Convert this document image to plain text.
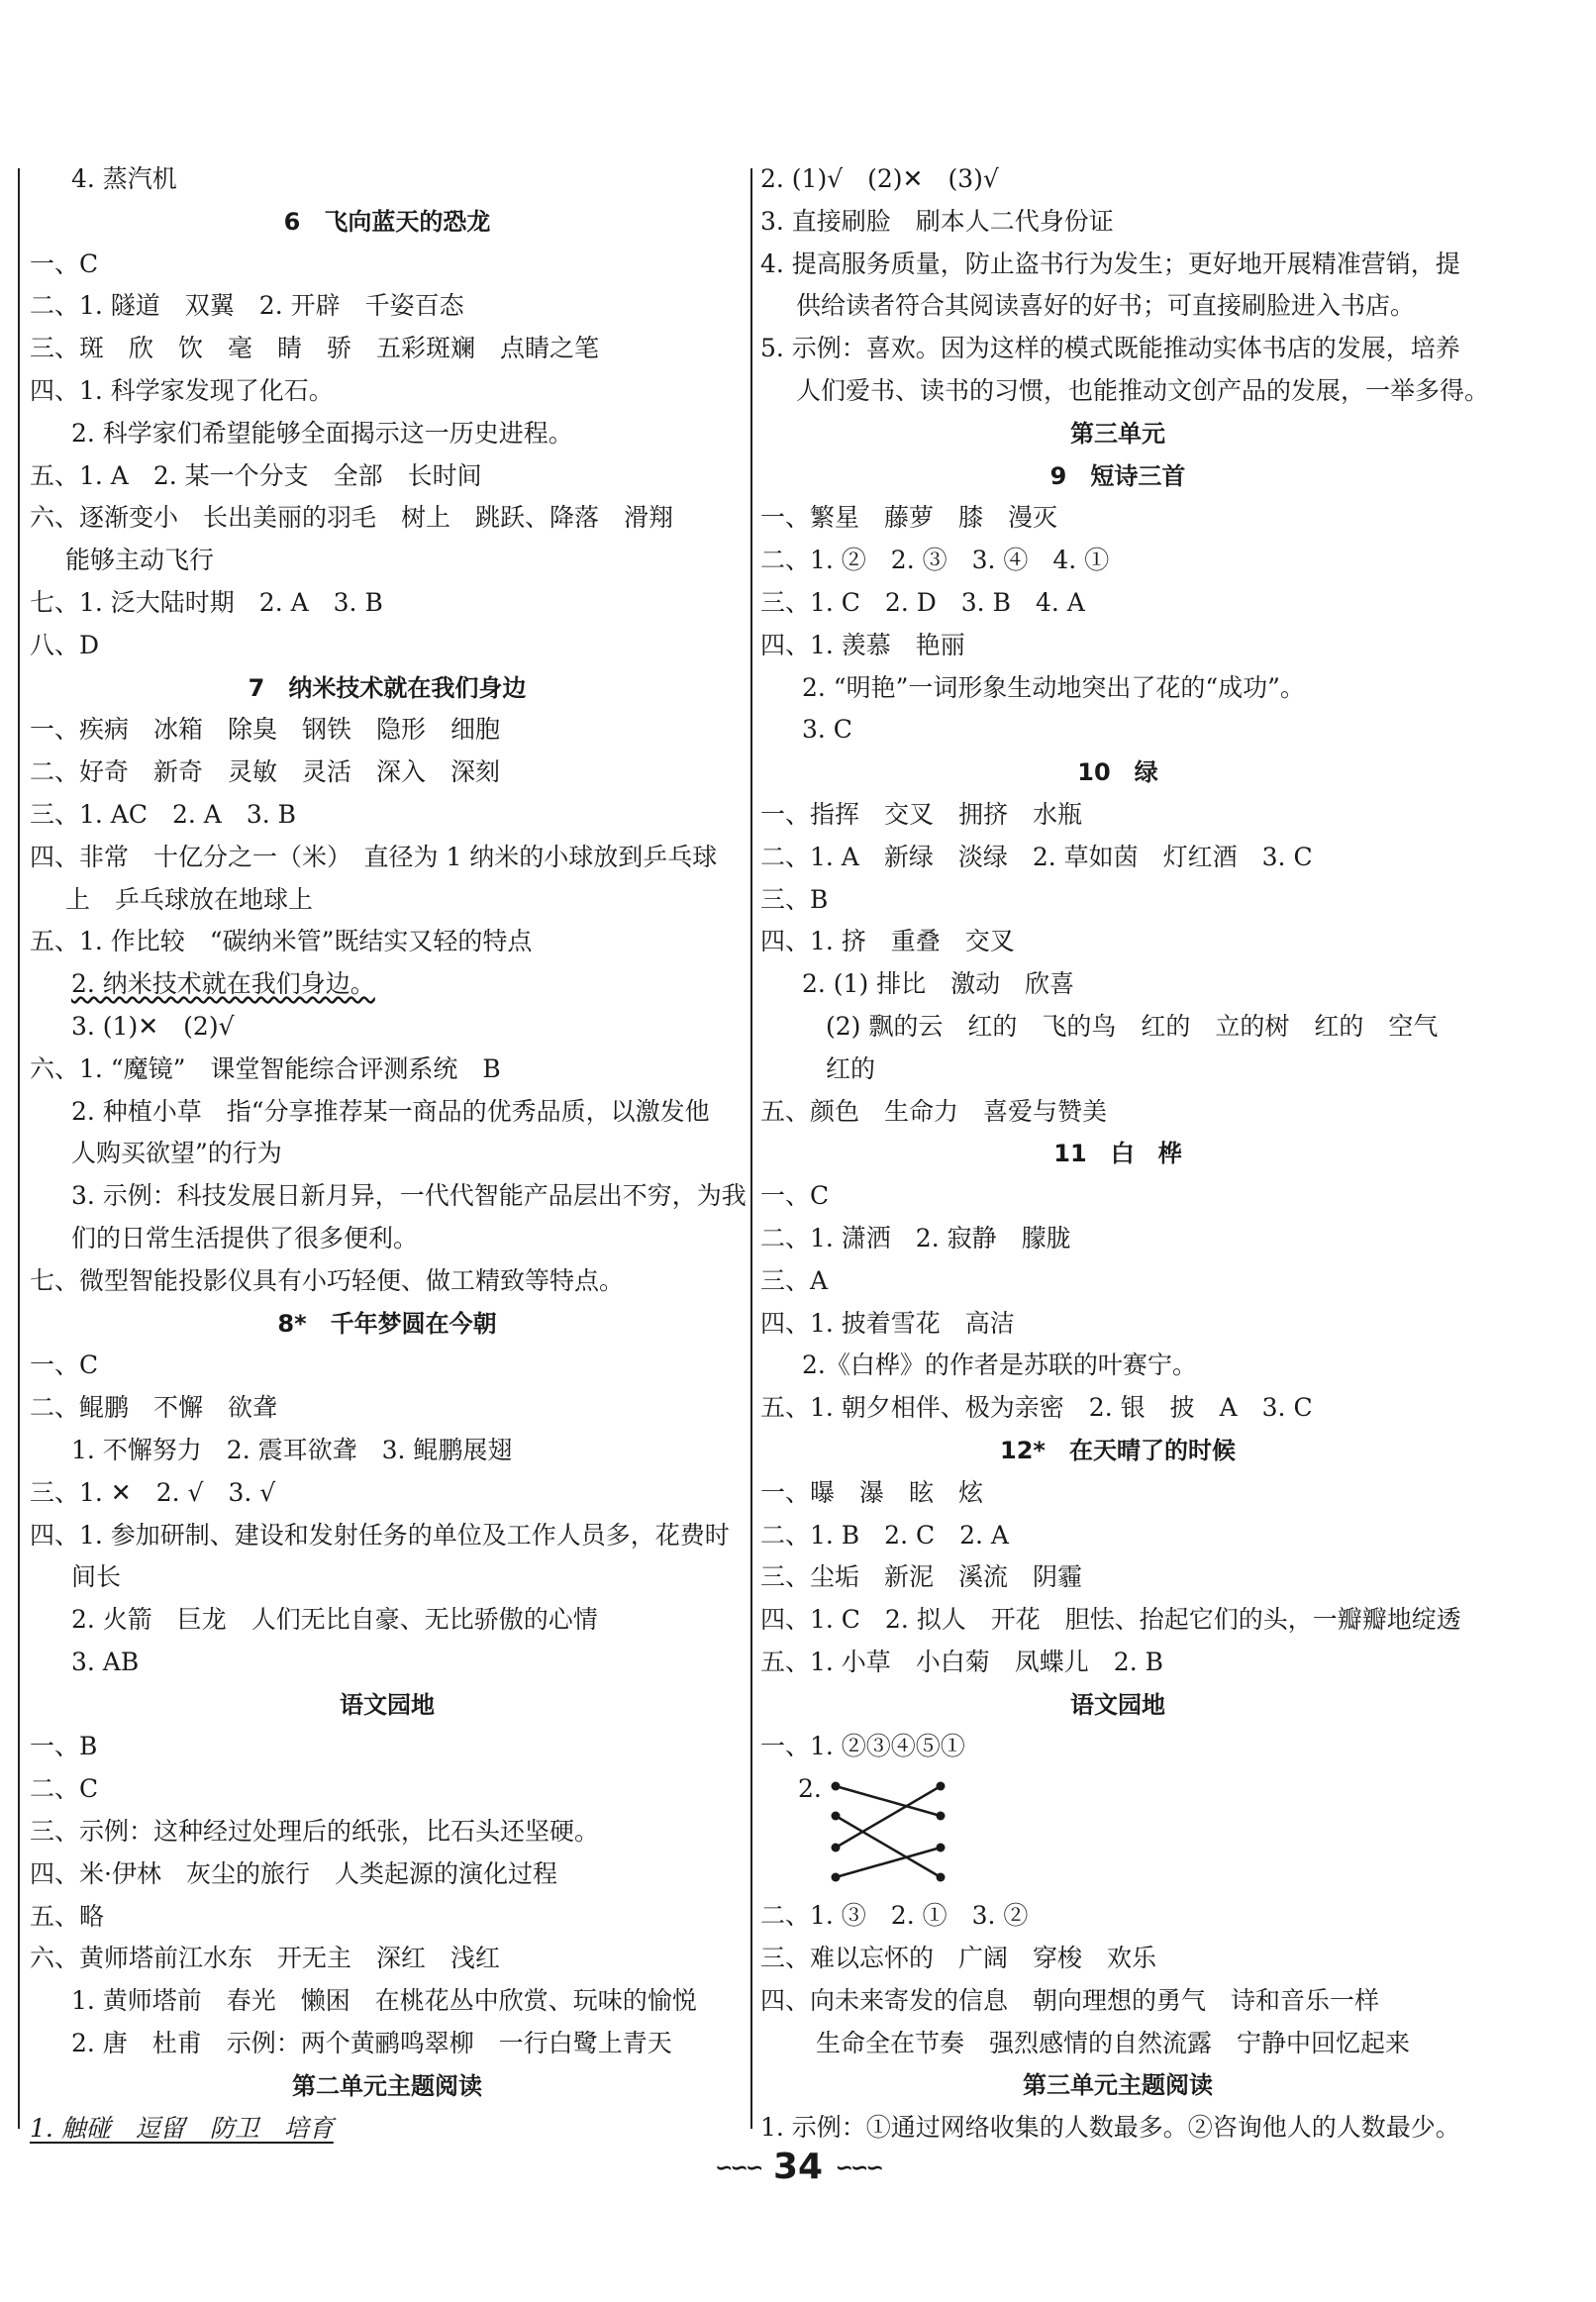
4. 蒸汽机
6　飞向蓝天的恐龙
一、C
二、1. 隧道　双翼　2. 开辟　千姿百态
三、斑　欣　饮　毫　睛　骄　五彩斑斓　点睛之笔
四、1. 科学家发现了化石。
2. 科学家们希望能够全面揭示这一历史进程。
五、1. A　2. 某一个分支　全部　长时间
六、逐渐变小　长出美丽的羽毛　树上　跳跃、降落　滑翔
能够主动飞行
七、1. 泛大陆时期　2. A　3. B
八、D
7　纳米技术就在我们身边
一、疾病　冰箱　除臭　钢铁　隐形　细胞
二、好奇　新奇　灵敏　灵活　深入　深刻
三、1. AC　2. A　3. B
四、非常　十亿分之一（米）　直径为 1 纳米的小球放到乒乓球
上　乒乓球放在地球上
五、1. 作比较　“碳纳米管”既结实又轻的特点
2. 纳米技术就在我们身边。
3. (1)✕　(2)√
六、1. “魔镜”　课堂智能综合评测系统　B
2. 种植小草　指“分享推荐某一商品的优秀品质，以激发他
人购买欲望”的行为
3. 示例：科技发展日新月异，一代代智能产品层出不穷，为我
们的日常生活提供了很多便利。
七、微型智能投影仪具有小巧轻便、做工精致等特点。
8*　千年梦圆在今朝
一、C
二、鲲鹏　不懈　欲聋
1. 不懈努力　2. 震耳欲聋　3. 鲲鹏展翅
三、1. ✕　2. √　3. √
四、1. 参加研制、建设和发射任务的单位及工作人员多，花费时
间长
2. 火箭　巨龙　人们无比自豪、无比骄傲的心情
3. AB
语文园地
一、B
二、C
三、示例：这种经过处理后的纸张，比石头还坚硬。
四、米·伊林　灰尘的旅行　人类起源的演化过程
五、略
六、黄师塔前江水东　开无主　深红　浅红
1. 黄师塔前　春光　懒困　在桃花丛中欣赏、玩味的愉悦
2. 唐　杜甫　示例：两个黄鹂鸣翠柳　一行白鹭上青天
第二单元主题阅读
1. 触碰　逗留　防卫　培育
2. (1)√　(2)✕　(3)√
3. 直接刷脸　刷本人二代身份证
4. 提高服务质量，防止盗书行为发生；更好地开展精准营销，提
供给读者符合其阅读喜好的好书；可直接刷脸进入书店。
5. 示例：喜欢。因为这样的模式既能推动实体书店的发展，培养
人们爱书、读书的习惯，也能推动文创产品的发展，一举多得。
第三单元
9　短诗三首
一、繁星　藤萝　膝　漫灭
二、1. ②　2. ③　3. ④　4. ①
三、1. C　2. D　3. B　4. A
四、1. 羡慕　艳丽
2. “明艳”一词形象生动地突出了花的“成功”。
3. C
10　绿
一、指挥　交叉　拥挤　水瓶
二、1. A　新绿　淡绿　2. 草如茵　灯红酒　3. C
三、B
四、1. 挤　重叠　交叉
2. (1) 排比　激动　欣喜
(2) 飘的云　红的　飞的鸟　红的　立的树　红的　空气
红的
五、颜色　生命力　喜爱与赞美
11　白　桦
一、C
二、1. 潇洒　2. 寂静　朦胧
三、A
四、1. 披着雪花　高洁
2.《白桦》的作者是苏联的叶赛宁。
五、1. 朝夕相伴、极为亲密　2. 银　披　A　3. C
12*　在天晴了的时候
一、曝　瀑　眩　炫
二、1. B　2. C　2. A
三、尘垢　新泥　溪流　阴霾
四、1. C　2. 拟人　开花　胆怯、抬起它们的头，一瓣瓣地绽透
五、1. 小草　小白菊　凤蝶儿　2. B
语文园地
一、1. ②③④⑤①
2.
二、1. ③　2. ①　3. ②
三、难以忘怀的　广阔　穿梭　欢乐
四、向未来寄发的信息　朝向理想的勇气　诗和音乐一样
生命全在节奏　强烈感情的自然流露　宁静中回忆起来
第三单元主题阅读
1. 示例：①通过网络收集的人数最多。②咨询他人的人数最少。
∽∽∽ 34 ∽∽∽
